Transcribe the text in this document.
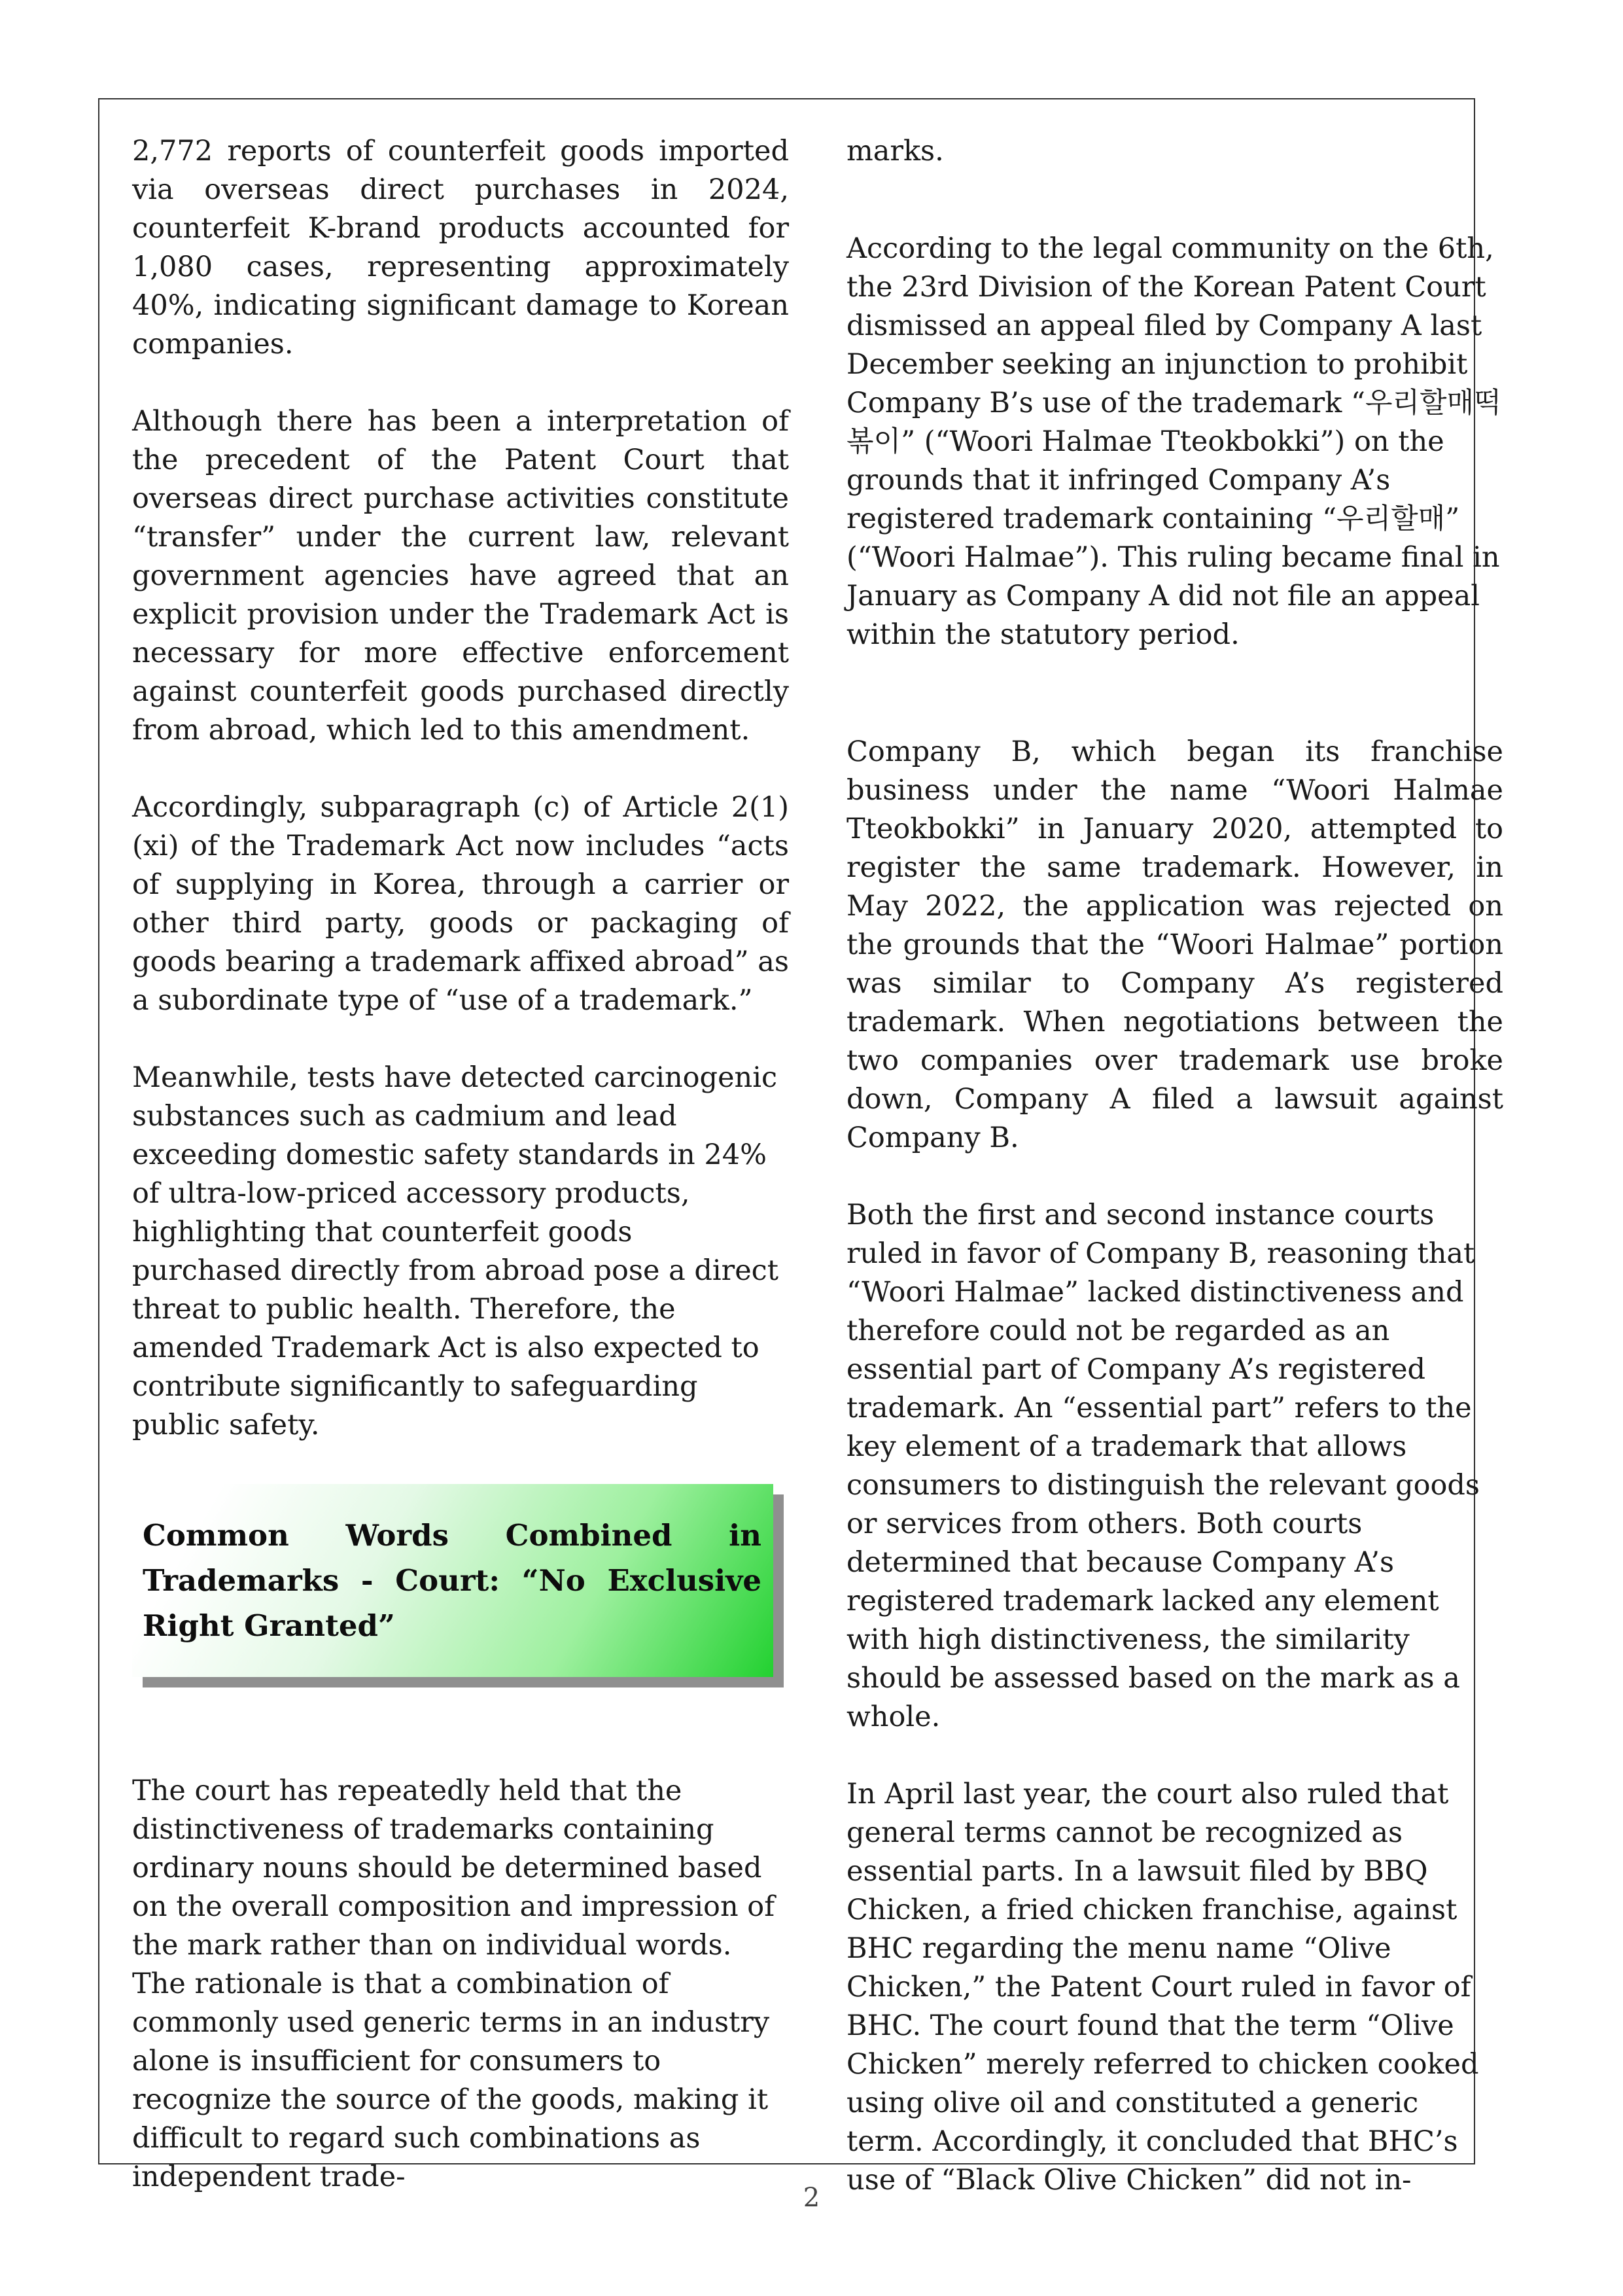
2,772 reports of counterfeit goods imported via overseas direct purchases in 2024, counterfeit K-brand products accounted for 1,080 cases, representing approximately 40%, indicating significant damage to Korean companies.

Although there has been a interpretation of the precedent of the Patent Court that overseas direct purchase activities constitute “transfer” under the current law, relevant government agencies have agreed that an explicit provision under the Trademark Act is necessary for more effective enforcement against counterfeit goods purchased directly from abroad, which led to this amendment.

Accordingly, subparagraph (c) of Article 2(1)(xi) of the Trademark Act now includes “acts of supplying in Korea, through a carrier or other third party, goods or packaging of goods bearing a trademark affixed abroad” as a subordinate type of “use of a trademark.”

Meanwhile, tests have detected carcinogenic substances such as cadmium and lead exceeding domestic safety standards in 24% of ultra-low-priced accessory products, highlighting that counterfeit goods purchased directly from abroad pose a direct threat to public health. Therefore, the amended Trademark Act is also expected to contribute significantly to safeguarding public safety.

Common Words Combined in Trademarks - Court: “No Exclusive Right Granted”

The court has repeatedly held that the distinctiveness of trademarks containing ordinary nouns should be determined based on the overall composition and impression of the mark rather than on individual words. The rationale is that a combination of commonly used generic terms in an industry alone is insufficient for consumers to recognize the source of the goods, making it difficult to regard such combinations as independent trade-

marks.

According to the legal community on the 6th, the 23rd Division of the Korean Patent Court dismissed an appeal filed by Company A last December seeking an injunction to prohibit Company B’s use of the trademark “우리할매떡볶이” (“Woori Halmae Tteokbokki”) on the grounds that it infringed Company A’s registered trademark containing “우리할매” (“Woori Halmae”). This ruling became final in January as Company A did not file an appeal within the statutory period.

Company B, which began its franchise business under the name “Woori Halmae Tteokbokki” in January 2020, attempted to register the same trademark. However, in May 2022, the application was rejected on the grounds that the “Woori Halmae” portion was similar to Company A’s registered trademark. When negotiations between the two companies over trademark use broke down, Company A filed a lawsuit against Company B.

Both the first and second instance courts ruled in favor of Company B, reasoning that “Woori Halmae” lacked distinctiveness and therefore could not be regarded as an essential part of Company A’s registered trademark. An “essential part” refers to the key element of a trademark that allows consumers to distinguish the relevant goods or services from others. Both courts determined that because Company A’s registered trademark lacked any element with high distinctiveness, the similarity should be assessed based on the mark as a whole.

In April last year, the court also ruled that general terms cannot be recognized as essential parts. In a lawsuit filed by BBQ Chicken, a fried chicken franchise, against BHC regarding the menu name “Olive Chicken,” the Patent Court ruled in favor of BHC. The court found that the term “Olive Chicken” merely referred to chicken cooked using olive oil and constituted a generic term. Accordingly, it concluded that BHC’s use of “Black Olive Chicken” did not in-

2
